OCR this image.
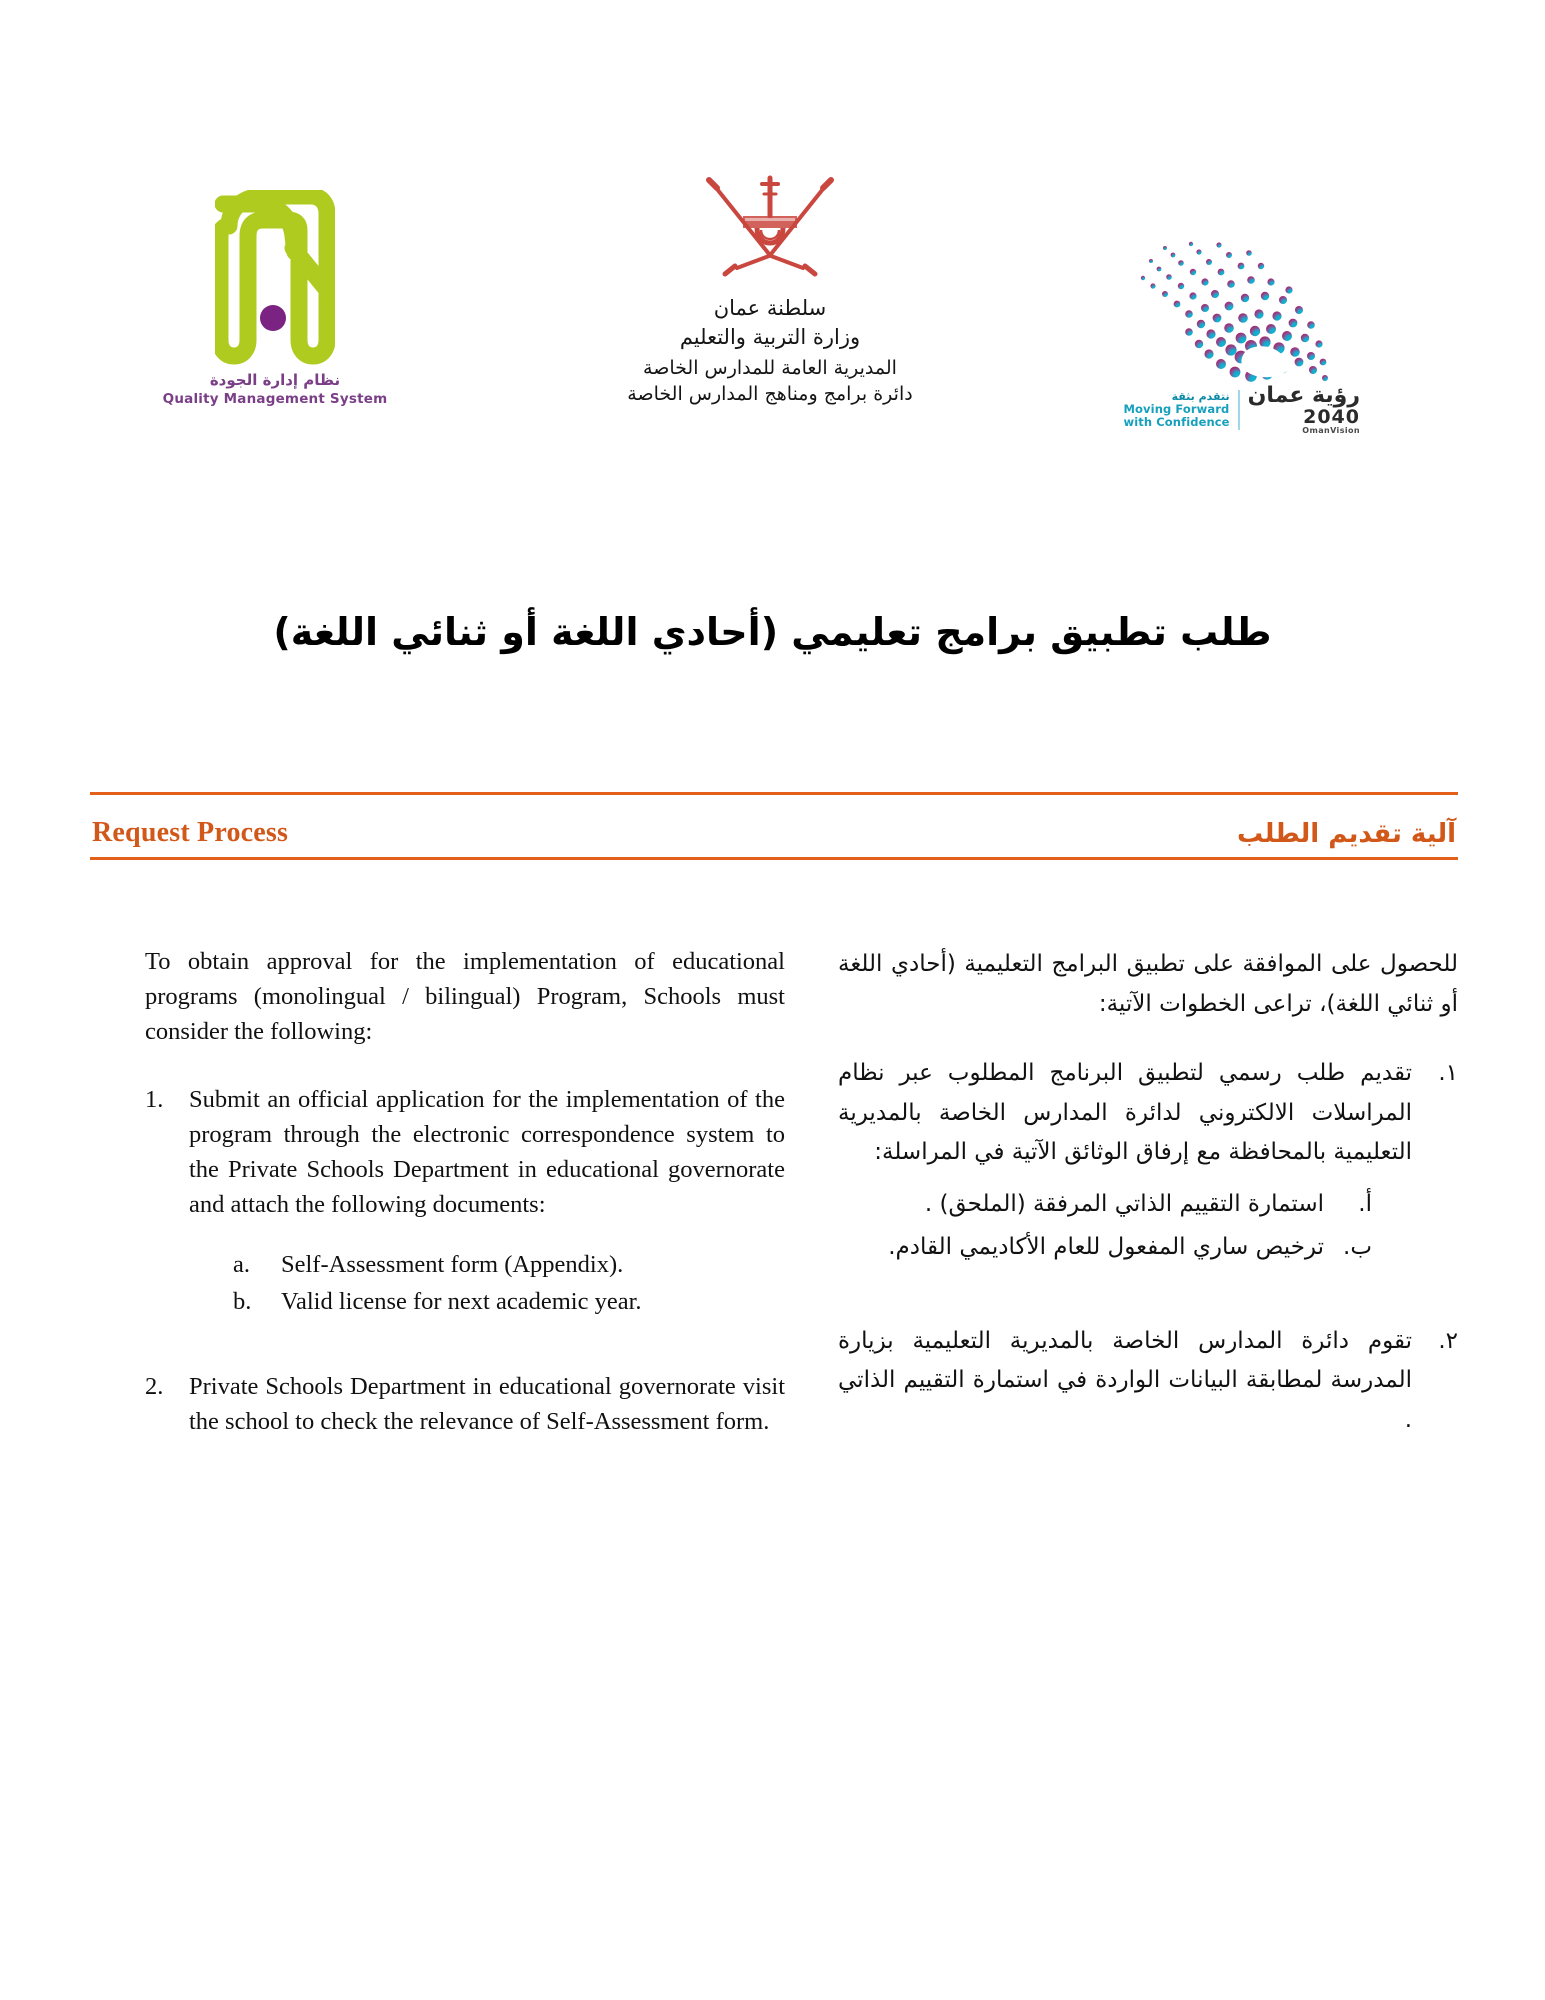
نظام إدارة الجودة
Quality Management System
سلطنة عمان
وزارة التربية والتعليم
المديرية العامة للمدارس الخاصة
دائرة برامج ومناهج المدارس الخاصة	نتقدم بثقة
Moving Forward
with Confidence
رؤية عمان
2040
OmanVision
طلب تطبيق برامج تعليمي (أحادي اللغة أو ثنائي اللغة)
Request Process	آلية تقديم الطلب

To obtain approval for the implementation of educational programs (monolingual / bilingual) Program, Schools must consider the following:

1.	Submit an official application for the implementation of the program through the electronic correspondence system to the Private Schools Department in educational governorate and attach the following documents:
a.	Self-Assessment form (Appendix).
b.	Valid license for next academic year.
2.	Private Schools Department in educational governorate visit the school to check the relevance of Self-Assessment form.

للحصول على الموافقة على تطبيق البرامج التعليمية (أحادي اللغة أو ثنائي اللغة)، تراعى الخطوات الآتية:

١.
تقديم طلب رسمي لتطبيق البرنامج المطلوب عبر نظام المراسلات الالكتروني لدائرة المدارس الخاصة بالمديرية التعليمية بالمحافظة مع إرفاق الوثائق الآتية في المراسلة:
أ.
استمارة التقييم الذاتي المرفقة (الملحق) .
ب.
ترخيص ساري المفعول للعام الأكاديمي القادم.
٢.
تقوم دائرة المدارس الخاصة بالمديرية التعليمية بزيارة المدرسة لمطابقة البيانات الواردة في استمارة التقييم الذاتي .
